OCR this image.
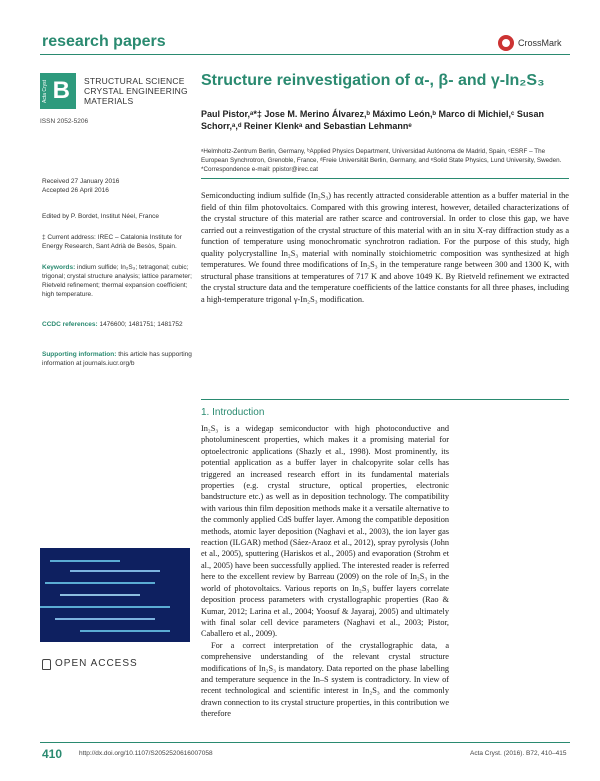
research papers	CrossMark
Acta Cryst B STRUCTURAL SCIENCE
CRYSTAL ENGINEERING
MATERIALS
ISSN 2052-5206
Received 27 January 2016
Accepted 26 April 2016
Edited by P. Bordet, Institut Néel, France
‡ Current address: IREC – Catalonia Institute for Energy Research, Sant Adrià de Besòs, Spain.
Keywords: indium sulfide; In₂S₃; tetragonal; cubic; trigonal; crystal structure analysis; lattice parameter; Rietveld refinement; thermal expansion coefficient; high temperature.
CCDC references: 1476600; 1481751; 1481752
Supporting information: this article has supporting information at journals.iucr.org/b
OPEN ACCESS
Structure reinvestigation of α-, β- and γ-In₂S₃
Paul Pistor,ᵃ*‡ Jose M. Merino Álvarez,ᵇ Máximo León,ᵇ Marco di Michiel,ᶜ Susan
Schorr,ᵃ,ᵈ Reiner Klenkᵃ and Sebastian Lehmannᵉ
ᵃHelmholtz-Zentrum Berlin, Germany, ᵇApplied Physics Department, Universidad Autónoma de Madrid, Spain, ᶜESRF – The European Synchrotron, Grenoble, France, ᵈFreie Universität Berlin, Germany, and ᵉSolid State Physics, Lund University, Sweden. *Correspondence e-mail: ppistor@irec.cat
Semiconducting indium sulfide (In₂S₃) has recently attracted considerable attention as a buffer material in the field of thin film photovoltaics. Compared with this growing interest, however, detailed characterizations of the crystal structure of this material are rather scarce and controversial. In order to close this gap, we have carried out a reinvestigation of the crystal structure of this material with an in situ X-ray diffraction study as a function of temperature using monochromatic synchrotron radiation. For the purpose of this study, high quality polycrystalline In₂S₃ material with nominally stoichiometric composition was synthesized at high temperatures. We found three modifications of In₂S₃ in the temperature range between 300 and 1300 K, with structural phase transitions at temperatures of 717 K and above 1049 K. By Rietveld refinement we extracted the crystal structure data and the temperature coefficients of the lattice constants for all three phases, including a high-temperature trigonal γ-In₂S₃ modification.
1. Introduction

In₂S₃ is a widegap semiconductor with high photoconductive and photoluminescent properties, which makes it a promising material for optoelectronic applications (Shazly et al., 1998). Most prominently, its potential application as a buffer layer in chalcopyrite solar cells has triggered an increased research effort in its fundamental materials properties (e.g. crystal structure, optical properties, electronic bandstructure etc.) as well as in deposition technology. The compatibility with various thin film deposition methods make it a versatile alternative to the commonly applied CdS buffer layer. Among the compatible deposition methods, atomic layer deposition (Naghavi et al., 2003), the ion layer gas reaction (ILGAR) method (Sáez-Araoz et al., 2012), spray pyrolysis (John et al., 2005), sputtering (Hariskos et al., 2005) and evaporation (Strohm et al., 2005) have been successfully applied. The interested reader is referred here to the excellent review by Barreau (2009) on the role of In₂S₃ in the world of photovoltaics. Various reports on In₂S₃ buffer layers correlate deposition process parameters with crystallographic properties (Rao & Kumar, 2012; Larina et al., 2004; Yoosuf & Jayaraj, 2005) and ultimately with final solar cell device parameters (Naghavi et al., 2003; Pistor, Caballero et al., 2009).

For a correct interpretation of the crystallographic data, a comprehensive understanding of the relevant crystal structure modifications of In₂S₃ is mandatory. Data reported on the phase labelling and temperature sequence in the In–S system is contradictory. In view of recent technological and scientific interest in In₂S₃ and the commonly drawn connection to its crystal structure properties, in this contribution we therefore

410	http://dx.doi.org/10.1107/S2052520616007058	Acta Cryst. (2016). B72, 410–415
